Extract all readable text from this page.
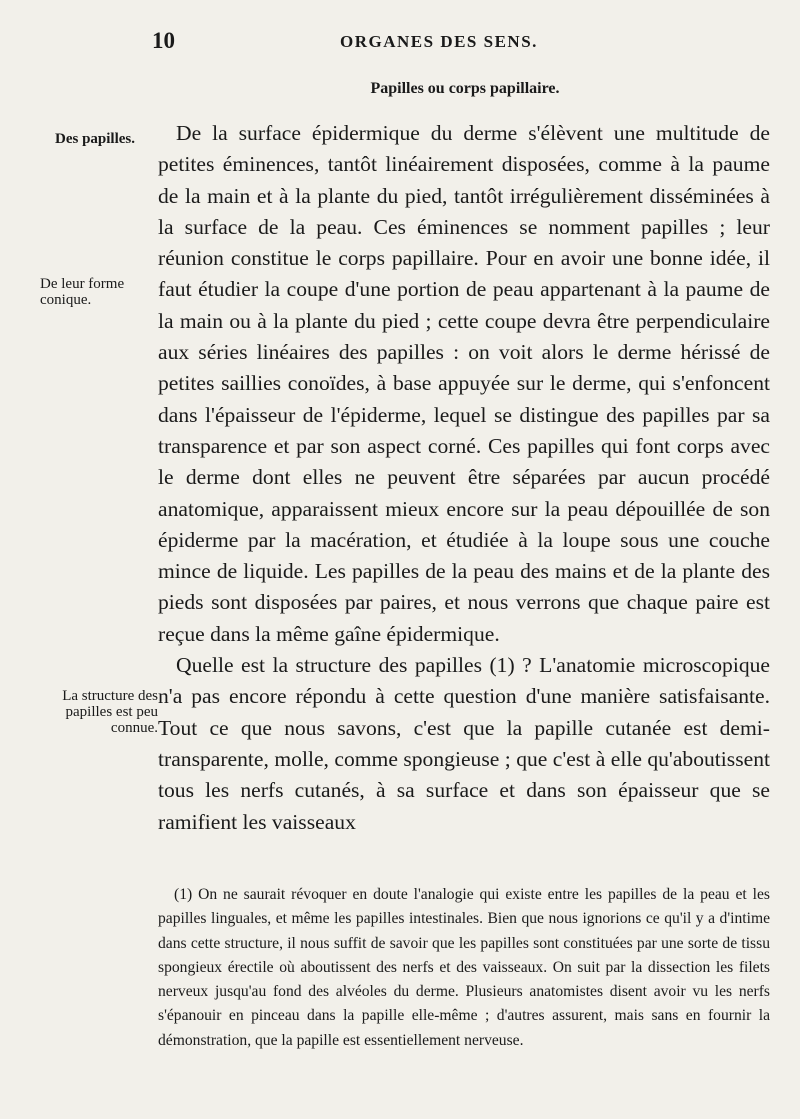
10	ORGANES DES SENS.
Papilles ou corps papillaire.
Des papilles.
De leur forme conique.
La structure des papilles est peu connue.

De la surface épidermique du derme s'élèvent une multitude de petites éminences, tantôt linéairement disposées, comme à la paume de la main et à la plante du pied, tantôt irrégulièrement disséminées à la surface de la peau. Ces éminences se nomment papilles ; leur réunion constitue le corps papillaire. Pour en avoir une bonne idée, il faut étudier la coupe d'une portion de peau appartenant à la paume de la main ou à la plante du pied ; cette coupe devra être perpendiculaire aux séries linéaires des papilles : on voit alors le derme hérissé de petites saillies conoïdes, à base appuyée sur le derme, qui s'enfoncent dans l'épaisseur de l'épiderme, lequel se distingue des papilles par sa transparence et par son aspect corné. Ces papilles qui font corps avec le derme dont elles ne peuvent être séparées par aucun procédé anatomique, apparaissent mieux encore sur la peau dépouillée de son épiderme par la macération, et étudiée à la loupe sous une couche mince de liquide. Les papilles de la peau des mains et de la plante des pieds sont disposées par paires, et nous verrons que chaque paire est reçue dans la même gaîne épidermique.

Quelle est la structure des papilles (1) ? L'anatomie microscopique n'a pas encore répondu à cette question d'une manière satisfaisante. Tout ce que nous savons, c'est que la papille cutanée est demi-transparente, molle, comme spongieuse ; que c'est à elle qu'aboutissent tous les nerfs cutanés, à sa surface et dans son épaisseur que se ramifient les vaisseaux

(1) On ne saurait révoquer en doute l'analogie qui existe entre les papilles de la peau et les papilles linguales, et même les papilles intestinales. Bien que nous ignorions ce qu'il y a d'intime dans cette structure, il nous suffit de savoir que les papilles sont constituées par une sorte de tissu spongieux érectile où aboutissent des nerfs et des vaisseaux. On suit par la dissection les filets nerveux jusqu'au fond des alvéoles du derme. Plusieurs anatomistes disent avoir vu les nerfs s'épanouir en pinceau dans la papille elle-même ; d'autres assurent, mais sans en fournir la démonstration, que la papille est essentiellement nerveuse.
